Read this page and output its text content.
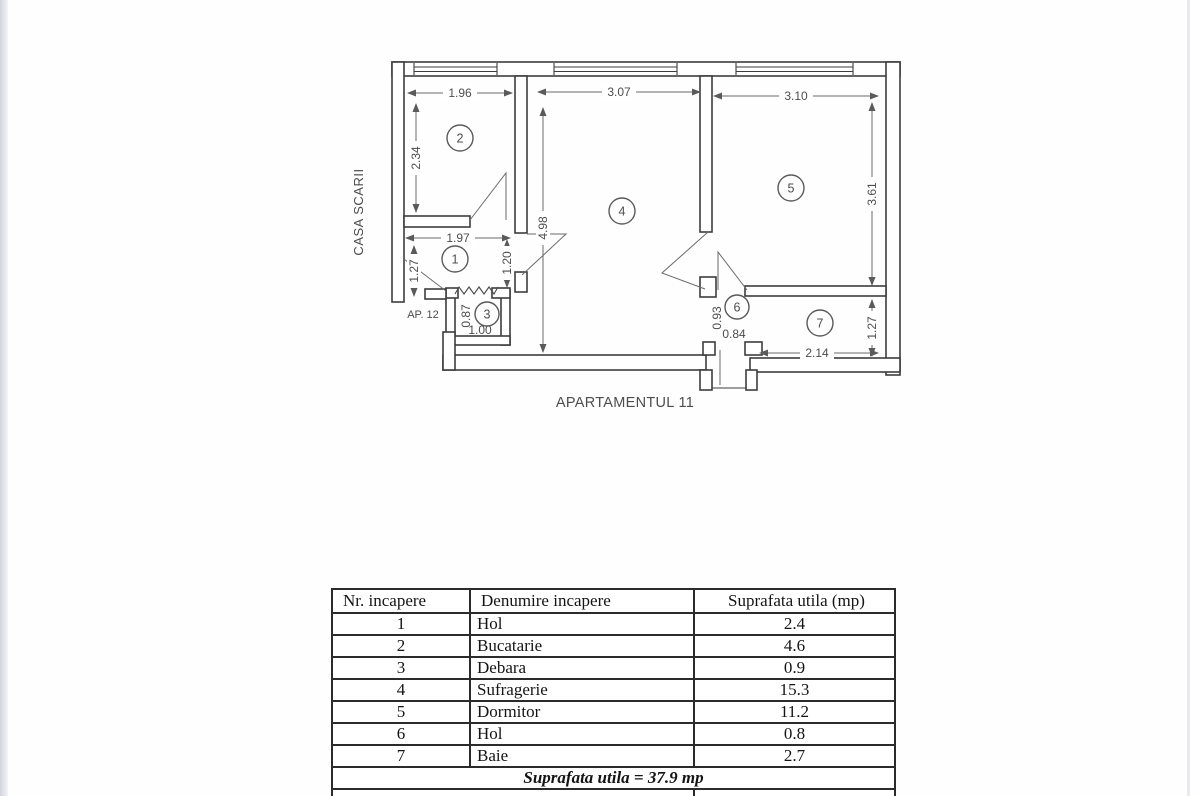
1.96	3.07	3.10
2.34
3.61
4.98
1.97
1.27	1.20
0.87
1.00
0.93
0.84
2.14
1.27
1
2
3
4
5
6
7
CASA SCARII
AP. 12
APARTAMENTUL 11
Nr. incapere	Denumire incapere	Suprafata utila (mp)
1	Hol	2.4
2	Bucatarie	4.6
3	Debara	0.9
4	Sufragerie	15.3
5	Dormitor	11.2
6	Hol	0.8
7	Baie	2.7
Suprafata utila = 37.9 mp		
